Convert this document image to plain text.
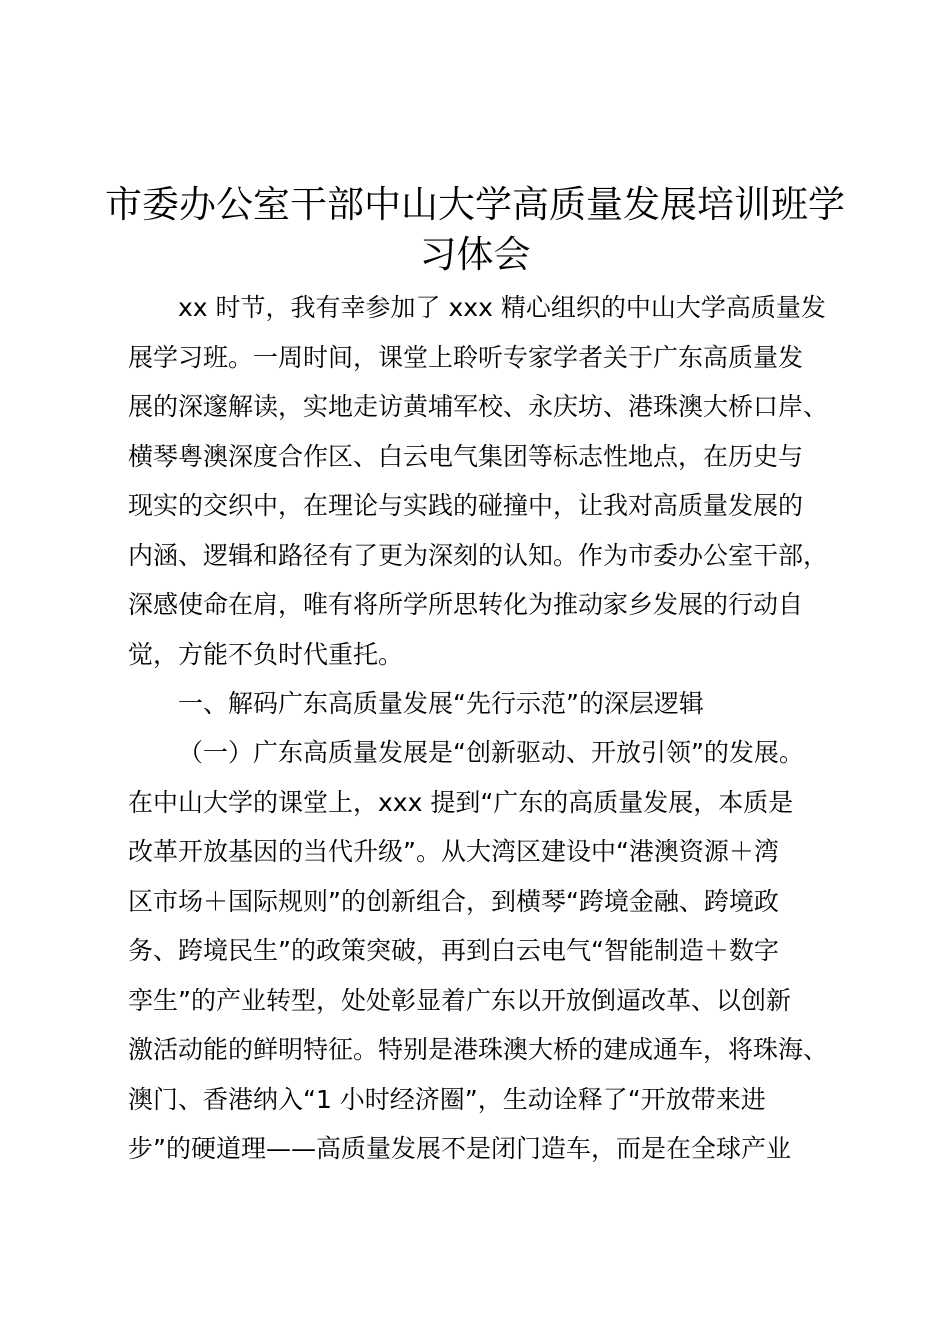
市委办公室干部中山大学高质量发展培训班学
习体会
xx 时节，我有幸参加了 xxx 精心组织的中山大学高质量发
展学习班。一周时间，课堂上聆听专家学者关于广东高质量发
展的深邃解读，实地走访黄埔军校、永庆坊、港珠澳大桥口岸、
横琴粤澳深度合作区、白云电气集团等标志性地点，在历史与
现实的交织中，在理论与实践的碰撞中，让我对高质量发展的
内涵、逻辑和路径有了更为深刻的认知。作为市委办公室干部，
深感使命在肩，唯有将所学所思转化为推动家乡发展的行动自
觉，方能不负时代重托。
一、解码广东高质量发展“先行示范”的深层逻辑
（一）广东高质量发展是“创新驱动、开放引领”的发展。
在中山大学的课堂上，xxx 提到“广东的高质量发展，本质是
改革开放基因的当代升级”。从大湾区建设中“港澳资源＋湾
区市场＋国际规则”的创新组合，到横琴“跨境金融、跨境政
务、跨境民生”的政策突破，再到白云电气“智能制造＋数字
孪生”的产业转型，处处彰显着广东以开放倒逼改革、以创新
激活动能的鲜明特征。特别是港珠澳大桥的建成通车，将珠海、
澳门、香港纳入“1 小时经济圈”，生动诠释了“开放带来进
步”的硬道理——高质量发展不是闭门造车，而是在全球产业
